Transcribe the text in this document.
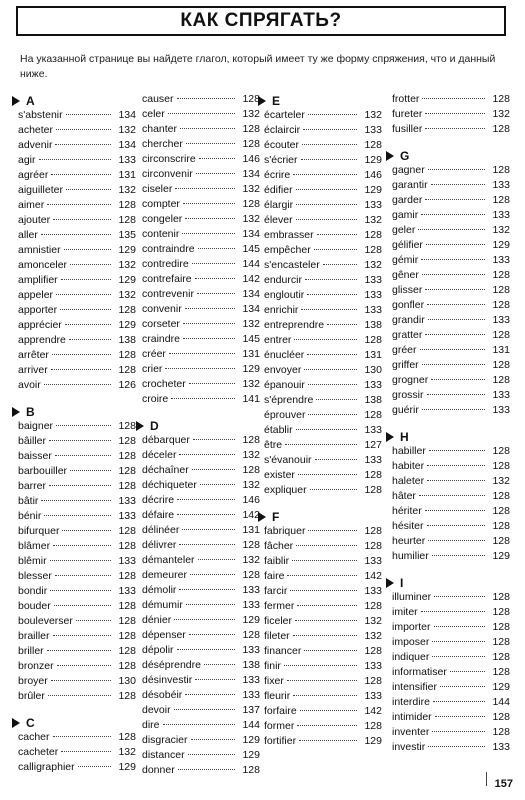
КАК СПРЯГАТЬ?
На указанной странице вы найдете глагол, который имеет ту же форму спряжения, что и данный ниже.
A
s'abstenir	134
acheter	132
advenir	134
agir	133
agréer	131
aiguilleter	132
aimer	128
ajouter	128
aller	135
amnistier	129
amonceler	132
amplifier	129
appeler	132
apporter	128
apprécier	129
apprendre	138
arrêter	128
arriver	128
avoir	126
B
baigner	128
bâiller	128
baisser	128
barbouiller	128
barrer	128
bâtir	133
bénir	133
bifurquer	128
blâmer	128
blêmir	133
blesser	128
bondir	133
bouder	128
bouleverser	128
brailler	128
briller	128
bronzer	128
broyer	130
brûler	128
C
cacher	128
cacheter	132
calligraphier	129
causer	128
celer	132
chanter	128
chercher	128
circonscrire	146
circonvenir	134
ciseler	132
compter	128
congeler	132
contenir	134
contraindre	145
contredire	144
contrefaire	142
contrevenir	134
convenir	134
corseter	132
craindre	145
créer	131
crier	129
crocheter	132
croire	141
D
débarquer	128
déceler	132
déchaîner	128
déchiqueter	132
décrire	146
défaire	142
délinéer	131
délivrer	128
démanteler	132
demeurer	128
démolir	133
démumir	133
dénier	129
dépenser	128
dépolir	133
déséprendre	138
désinvestir	133
désobéir	133
devoir	137
dire	144
disgracier	129
distancer	129
donner	128
E
écarteler	132
éclaircir	133
écouter	128
s'écrier	129
écrire	146
édifier	129
élargir	133
élever	132
embrasser	128
empêcher	128
s'encasteler	132
endurcir	133
engloutir	133
enrichir	133
entreprendre	138
entrer	128
énucléer	131
envoyer	130
épanouir	133
s'éprendre	138
éprouver	128
établir	133
être	127
s'évanouir	133
exister	128
expliquer	128
F
fabriquer	128
fâcher	128
faiblir	133
faire	142
farcir	133
fermer	128
ficeler	132
fileter	132
financer	128
finir	133
fixer	128
fleurir	133
forfaire	142
former	128
fortifier	129
frotter	128
fureter	132
fusiller	128
G
gagner	128
garantir	133
garder	128
gamir	133
geler	132
gélifier	129
gémir	133
gêner	128
glisser	128
gonfler	128
grandir	133
gratter	128
gréer	131
griffer	128
grogner	128
grossir	133
guérir	133
H
habiller	128
habiter	128
haleter	132
hâter	128
hériter	128
hésiter	128
heurter	128
humilier	129
I
illuminer	128
imiter	128
importer	128
imposer	128
indiquer	128
informatiser	128
intensifier	129
interdire	144
intimider	128
inventer	128
investir	133
157
